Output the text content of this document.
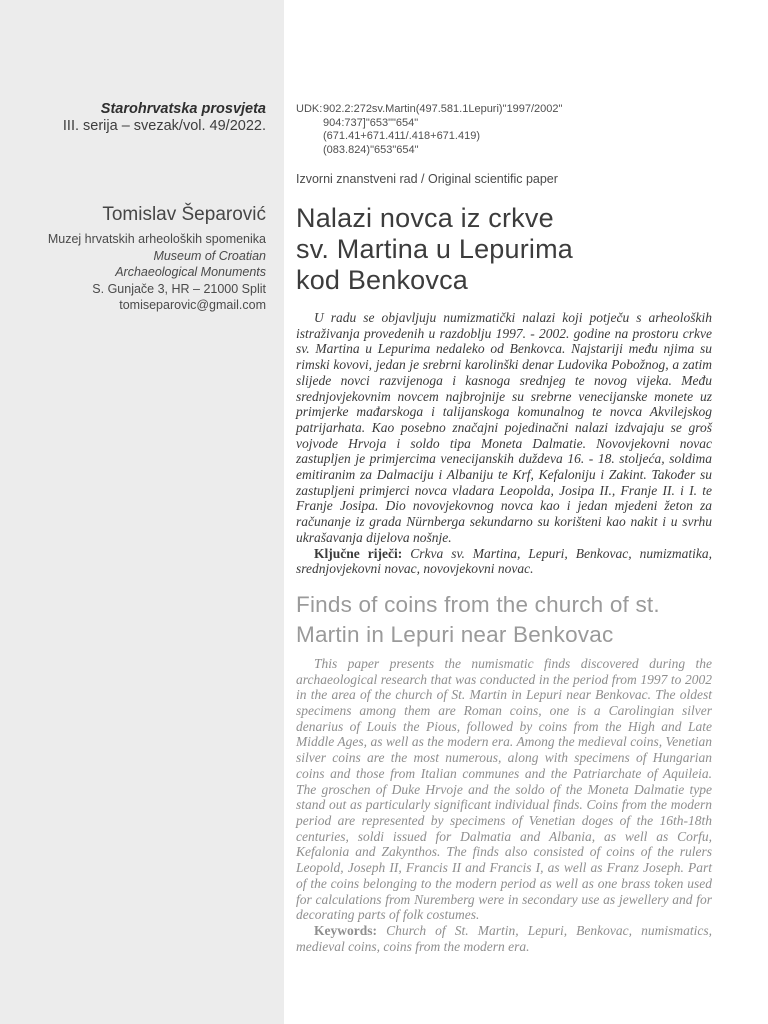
Starohrvatska prosvjeta
III. serija – svezak/vol. 49/2022.
Tomislav Šeparović
Muzej hrvatskih arheoloških spomenika
Museum of Croatian
Archaeological Monuments
S. Gunjače 3, HR – 21000 Split
tomiseparovic@gmail.com
UDK: 902.2:272sv.Martin(497.581.1Lepuri)"1997/2002"
904:737]"653""654"
(671.41+671.411/.418+671.419)
(083.824)"653"654"
Izvorni znanstveni rad / Original scientific paper
Nalazi novca iz crkve
sv. Martina u Lepurima
kod Benkovca

U radu se objavljuju numizmatički nalazi koji potječu s arheoloških istraživanja provedenih u razdoblju 1997. - 2002. godine na prostoru crkve sv. Martina u Lepurima nedaleko od Benkovca. Najstariji među njima su rimski kovovi, jedan je srebrni karolinški denar Ludovika Pobožnog, a zatim slijede novci razvijenoga i kasnoga srednjeg te novog vijeka. Među srednjovjekovnim novcem najbrojnije su srebrne venecijanske monete uz primjerke mađarskoga i talijanskoga komunalnog te novca Akvilejskog patrijarhata. Kao posebno značajni pojedinačni nalazi izdvajaju se groš vojvode Hrvoja i soldo tipa Moneta Dalmatie. Novovjekovni novac zastupljen je primjercima venecijanskih duždeva 16. - 18. stoljeća, soldima emitiranim za Dalmaciju i Albaniju te Krf, Kefaloniju i Zakint. Također su zastupljeni primjerci novca vladara Leopolda, Josipa II., Franje II. i I. te Franje Josipa. Dio novovjekovnog novca kao i jedan mjedeni žeton za računanje iz grada Nürnberga sekundarno su korišteni kao nakit i u svrhu ukrašavanja dijelova nošnje.

Ključne riječi: Crkva sv. Martina, Lepuri, Benkovac, numizmatika, srednjovjekovni novac, novovjekovni novac.

Finds of coins from the church of st.
Martin in Lepuri near Benkovac

This paper presents the numismatic finds discovered during the archaeological research that was conducted in the period from 1997 to 2002 in the area of the church of St. Martin in Lepuri near Benkovac. The oldest specimens among them are Roman coins, one is a Carolingian silver denarius of Louis the Pious, followed by coins from the High and Late Middle Ages, as well as the modern era. Among the medieval coins, Venetian silver coins are the most numerous, along with specimens of Hungarian coins and those from Italian communes and the Patriarchate of Aquileia. The groschen of Duke Hrvoje and the soldo of the Moneta Dalmatie type stand out as particularly significant individual finds. Coins from the modern period are represented by specimens of Venetian doges of the 16th-18th centuries, soldi issued for Dalmatia and Albania, as well as Corfu, Kefalonia and Zakynthos. The finds also consisted of coins of the rulers Leopold, Joseph II, Francis II and Francis I, as well as Franz Joseph. Part of the coins belonging to the modern period as well as one brass token used for calculations from Nuremberg were in secondary use as jewellery and for decorating parts of folk costumes.

Keywords: Church of St. Martin, Lepuri, Benkovac, numismatics, medieval coins, coins from the modern era.
